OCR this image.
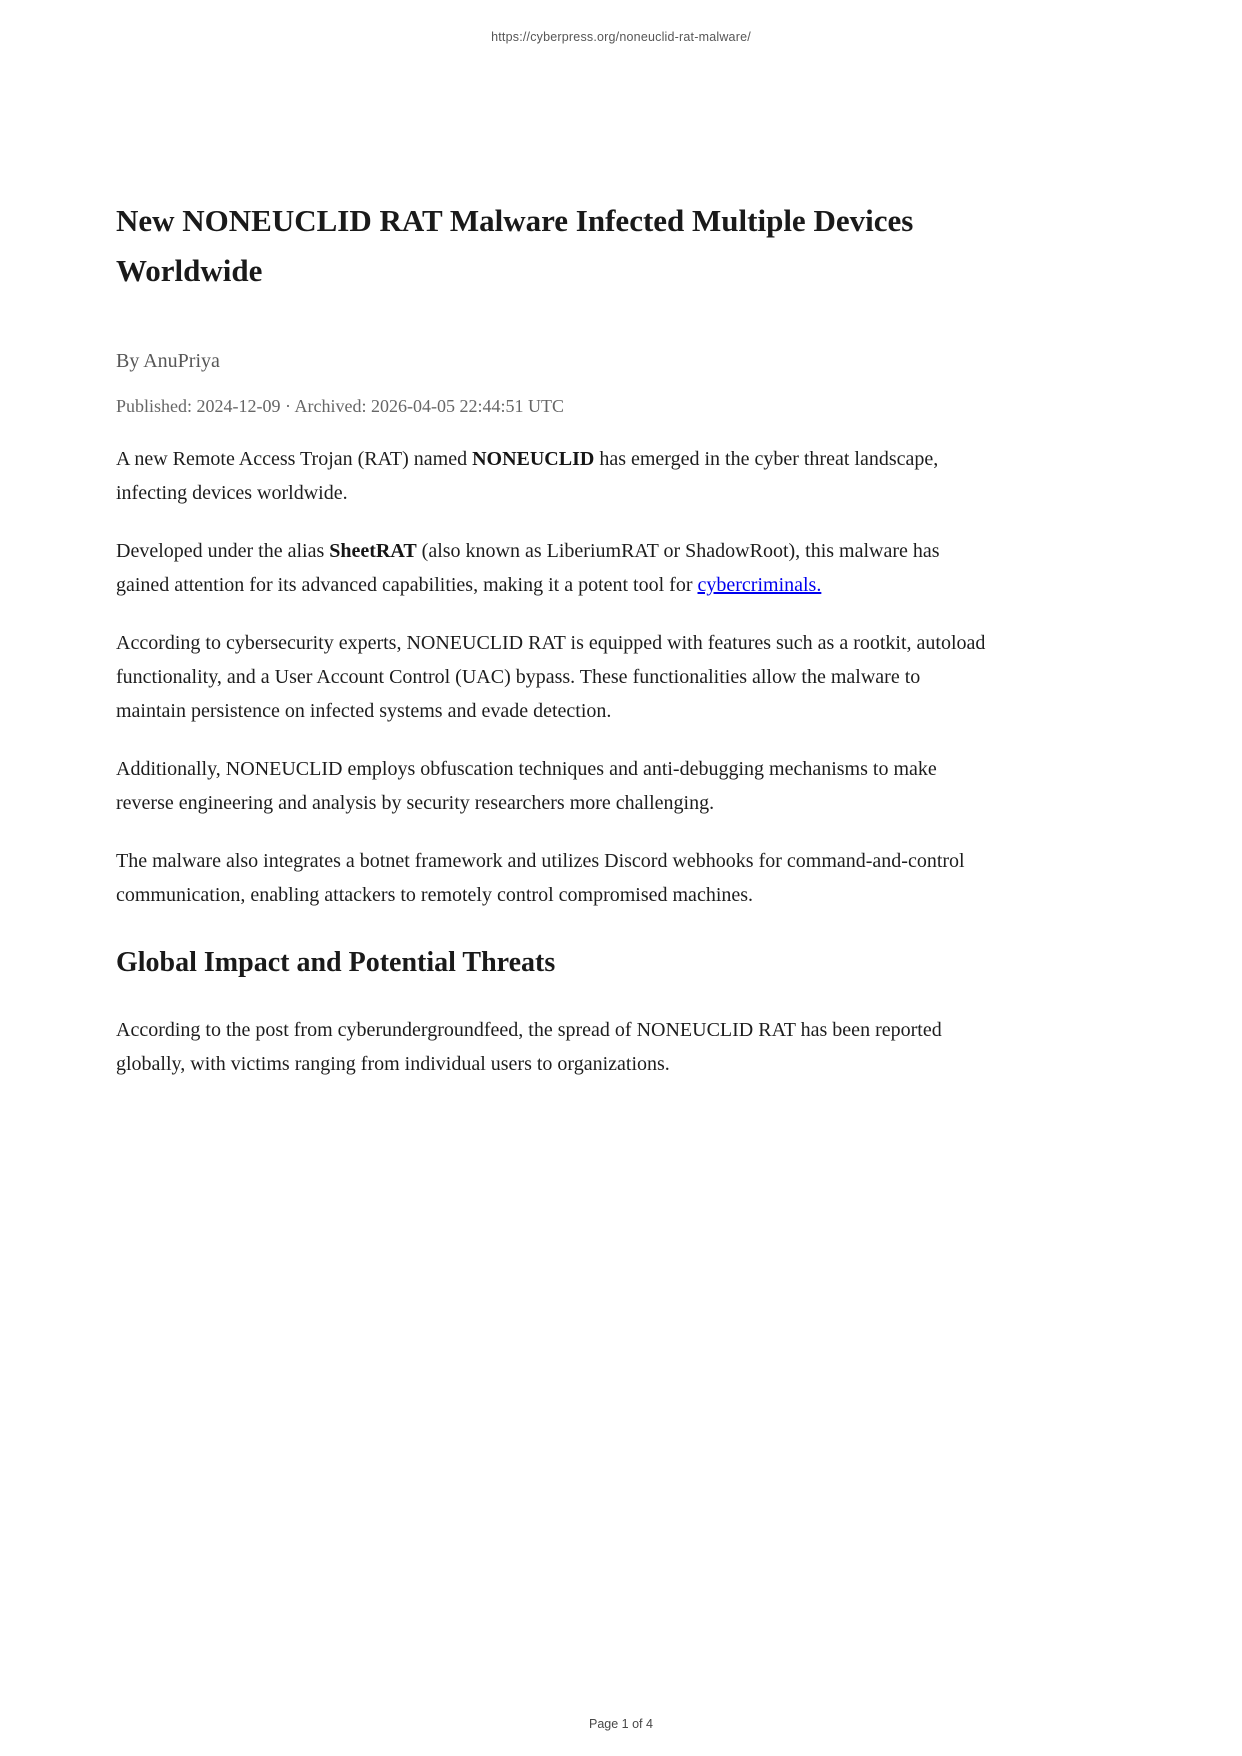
https://cyberpress.org/noneuclid-rat-malware/
New NONEUCLID RAT Malware Infected Multiple Devices Worldwide
By AnuPriya
Published: 2024-12-09 · Archived: 2026-04-05 22:44:51 UTC

A new Remote Access Trojan (RAT) named NONEUCLID has emerged in the cyber threat landscape, infecting devices worldwide.

Developed under the alias SheetRAT (also known as LiberiumRAT or ShadowRoot), this malware has gained attention for its advanced capabilities, making it a potent tool for cybercriminals.

According to cybersecurity experts, NONEUCLID RAT is equipped with features such as a rootkit, autoload functionality, and a User Account Control (UAC) bypass. These functionalities allow the malware to maintain persistence on infected systems and evade detection.

Additionally, NONEUCLID employs obfuscation techniques and anti-debugging mechanisms to make reverse engineering and analysis by security researchers more challenging.

The malware also integrates a botnet framework and utilizes Discord webhooks for command-and-control communication, enabling attackers to remotely control compromised machines.

Global Impact and Potential Threats

According to the post from cyberundergroundfeed, the spread of NONEUCLID RAT has been reported globally, with victims ranging from individual users to organizations.

Page 1 of 4
